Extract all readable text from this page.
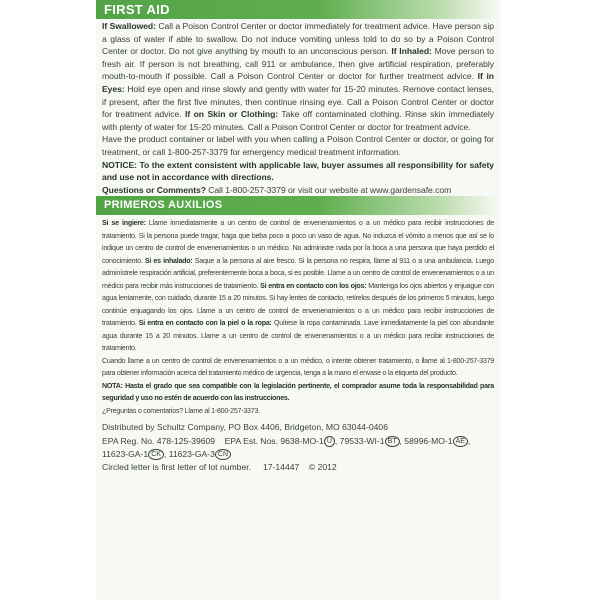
FIRST AID

If Swallowed: Call a Poison Control Center or doctor immediately for treatment advice. Have person sip a glass of water if able to swallow. Do not induce vomiting unless told to do so by a Poison Control Center or doctor. Do not give anything by mouth to an unconscious person. If Inhaled: Move person to fresh air. If person is not breathing, call 911 or ambulance, then give artificial respiration, preferably mouth-to-mouth if possible. Call a Poison Control Center or doctor for further treatment advice. If in Eyes: Hold eye open and rinse slowly and gently with water for 15-20 minutes. Remove contact lenses, if present, after the first five minutes, then continue rinsing eye. Call a Poison Control Center or doctor for treatment advice. If on Skin or Clothing: Take off contaminated clothing. Rinse skin immediately with plenty of water for 15-20 minutes. Call a Poison Control Center or doctor for treatment advice.

Have the product container or label with you when calling a Poison Control Center or doctor, or going for treatment, or call 1-800-257-3379 for emergency medical treatment information.

NOTICE: To the extent consistent with applicable law, buyer assumes all responsibility for safety and use not in accordance with directions.

Questions or Comments? Call 1-800-257-3379 or visit our website at www.gardensafe.com

PRIMEROS AUXILIOS

Si se ingiere: Llame inmediatamente a un centro de control de envenenamientos o a un médico para recibir instrucciones de tratamiento. Si la persona puede tragar, haga que beba poco a poco un vaso de agua. No induzca el vómito a menos que así se lo indique un centro de control de envenenamientos o un médico. No administre nada por la boca a una persona que haya perdido el conocimiento. Si es inhalado: Saque a la persona al aire fresco. Si la persona no respira, llame al 911 o a una ambulancia. Luego adminístrele respiración artificial, preferentemente boca a boca, si es posible. Llame a un centro de control de envenenamientos o a un médico para recibir más instrucciones de tratamiento. Si entra en contacto con los ojos: Mantenga los ojos abiertos y enjuague con agua lentamente, con cuidado, durante 15 a 20 minutos. Si hay lentes de contacto, retírelos después de los primeros 5 minutos, luego continúe enjuagando los ojos. Llame a un centro de control de envenenamientos o a un médico para recibir instrucciones de tratamiento. Si entra en contacto con la piel o la ropa: Quítese la ropa contaminada. Lave inmediatamente la piel con abundante agua durante 15 a 20 minutos. Llame a un centro de control de envenenamientos o a un médico para recibir instrucciones de tratamiento.

Cuando llame a un centro de control de envenenamientos o a un médico, o intente obtener tratamiento, o llame al 1-800-257-3379 para obtener información acerca del tratamiento médico de urgencia, tenga a la mano el envase o la etiqueta del producto.

NOTA: Hasta el grado que sea compatible con la legislación pertinente, el comprador asume toda la responsabilidad para seguridad y uso no estén de acuerdo con las instrucciones.

¿Preguntas o comentarios? Llame al 1-800-257-3373.

Distributed by Schultz Company, PO Box 4406, Bridgeton, MO 63044-0406

EPA Reg. No. 478-125-39609 EPA Est. Nos. 9638-MO-1 U , 79533-WI-1 BT , 58996-MO-1 AE ,

11623-GA-1 CK , 11623-GA-3 CN

Circled letter is first letter of lot number. 17-14447 © 2012
